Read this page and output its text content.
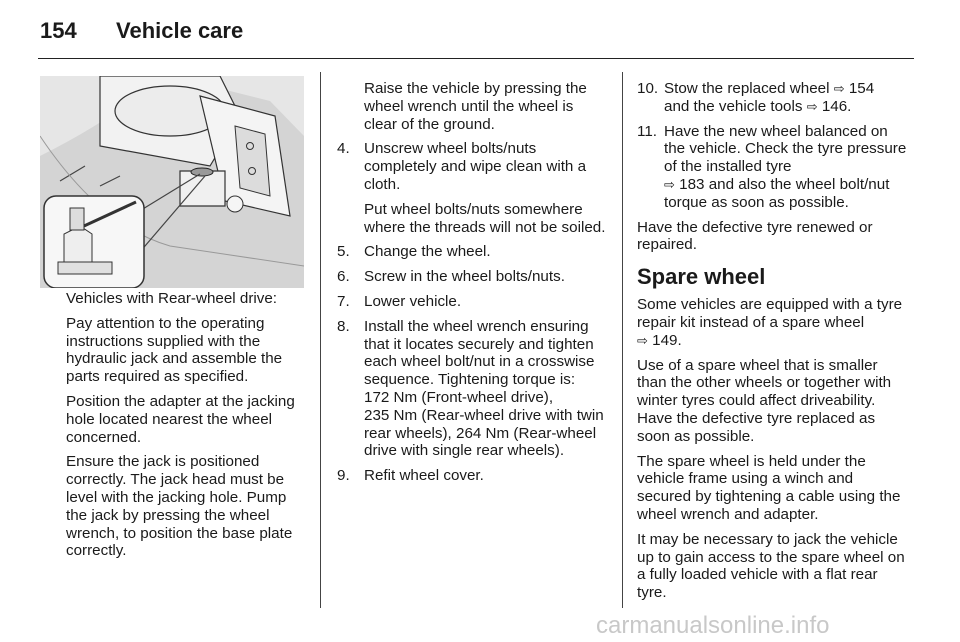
154 Vehicle care

Vehicles with Rear-wheel drive:

Pay attention to the operating instructions supplied with the hydraulic jack and assemble the parts required as specified.

Position the adapter at the jacking hole located nearest the wheel concerned.

Ensure the jack is positioned correctly. The jack head must be level with the jacking hole. Pump the jack by pressing the wheel wrench, to position the base plate correctly.

Raise the vehicle by pressing the wheel wrench until the wheel is clear of the ground.

4. Unscrew wheel bolts/nuts completely and wipe clean with a cloth.

Put wheel bolts/nuts somewhere where the threads will not be soiled.

5. Change the wheel.
6. Screw in the wheel bolts/nuts.
7. Lower vehicle.
8. Install the wheel wrench ensuring that it locates securely and tighten each wheel bolt/nut in a crosswise sequence. Tightening torque is:
172 Nm (Front-wheel drive),
235 Nm (Rear-wheel drive with twin rear wheels), 264 Nm (Rear-wheel drive with single rear wheels).
9. Refit wheel cover.
10. Stow the replaced wheel ⇨ 154
and the vehicle tools ⇨ 146.
11. Have the new wheel balanced on the vehicle. Check the tyre pressure of the installed tyre
⇨ 183 and also the wheel bolt/nut torque as soon as possible.

Have the defective tyre renewed or repaired.

Spare wheel

Some vehicles are equipped with a tyre repair kit instead of a spare wheel
⇨ 149.

Use of a spare wheel that is smaller than the other wheels or together with winter tyres could affect driveability. Have the defective tyre replaced as soon as possible.

The spare wheel is held under the vehicle frame using a winch and secured by tightening a cable using the wheel wrench and adapter.

It may be necessary to jack the vehicle up to gain access to the spare wheel on a fully loaded vehicle with a flat rear tyre.

carmanualsonline.info
